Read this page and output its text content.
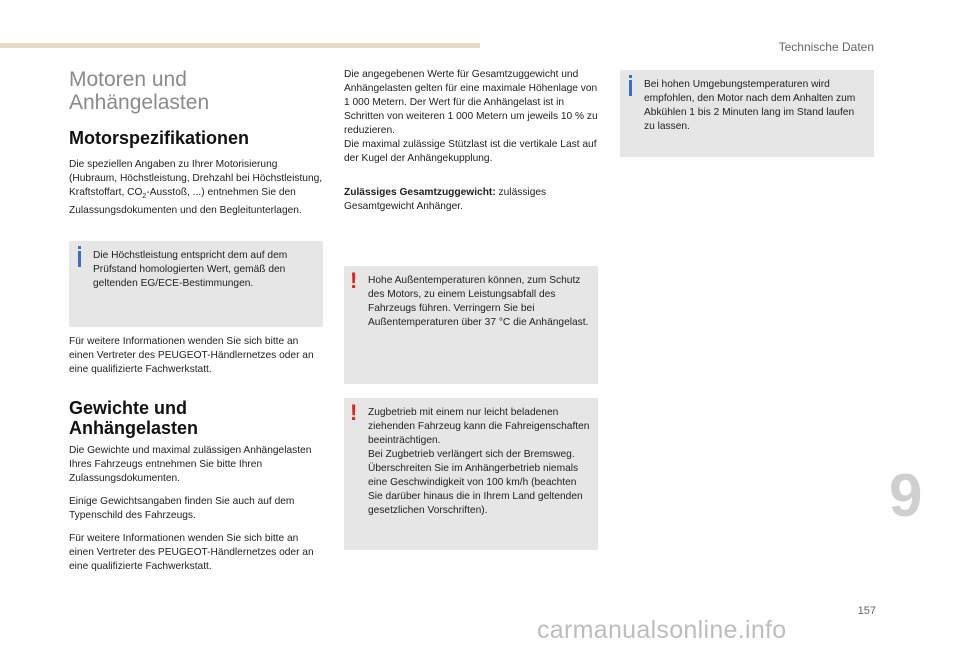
Technische Daten
Motoren und
Anhängelasten
Motorspezifikationen

Die speziellen Angaben zu Ihrer Motorisierung (Hubraum, Höchstleistung, Drehzahl bei Höchstleistung, Kraftstoffart, $CO_2$-Ausstoß, ...) entnehmen Sie den Zulassungsdokumenten und den Begleitunterlagen.

Die Höchstleistung entspricht dem auf dem Prüfstand homologierten Wert, gemäß den geltenden EG/ECE-Bestimmungen.

Für weitere Informationen wenden Sie sich bitte an einen Vertreter des PEUGEOT-Händlernetzes oder an eine qualifizierte Fachwerkstatt.

Gewichte und
Anhängelasten

Die Gewichte und maximal zulässigen Anhängelasten Ihres Fahrzeugs entnehmen Sie bitte Ihren Zulassungsdokumenten.

Einige Gewichtsangaben finden Sie auch auf dem Typenschild des Fahrzeugs.

Für weitere Informationen wenden Sie sich bitte an einen Vertreter des PEUGEOT-Händlernetzes oder an eine qualifizierte Fachwerkstatt.

Die angegebenen Werte für Gesamtzuggewicht und Anhängelasten gelten für eine maximale Höhenlage von 1 000 Metern. Der Wert für die Anhängelast ist in Schritten von weiteren 1 000 Metern um jeweils 10 % zu reduzieren.

Die maximal zulässige Stützlast ist die vertikale Last auf der Kugel der Anhängekupplung.

Zulässiges Gesamtzuggewicht: zulässiges Gesamtgewicht Anhänger.

! Hohe Außentemperaturen können, zum Schutz des Motors, zu einem Leistungsabfall des Fahrzeugs führen. Verringern Sie bei Außentemperaturen über 37 °C die Anhängelast.
! Zugbetrieb mit einem nur leicht beladenen ziehenden Fahrzeug kann die Fahreigenschaften beeinträchtigen.
Bei Zugbetrieb verlängert sich der Bremsweg. Überschreiten Sie im Anhängerbetrieb niemals eine Geschwindigkeit von 100 km/h (beachten Sie darüber hinaus die in Ihrem Land geltenden gesetzlichen Vorschriften).
Bei hohen Umgebungstemperaturen wird empfohlen, den Motor nach dem Anhalten zum Abkühlen 1 bis 2 Minuten lang im Stand laufen zu lassen.
9
157
carmanualsonline.info
